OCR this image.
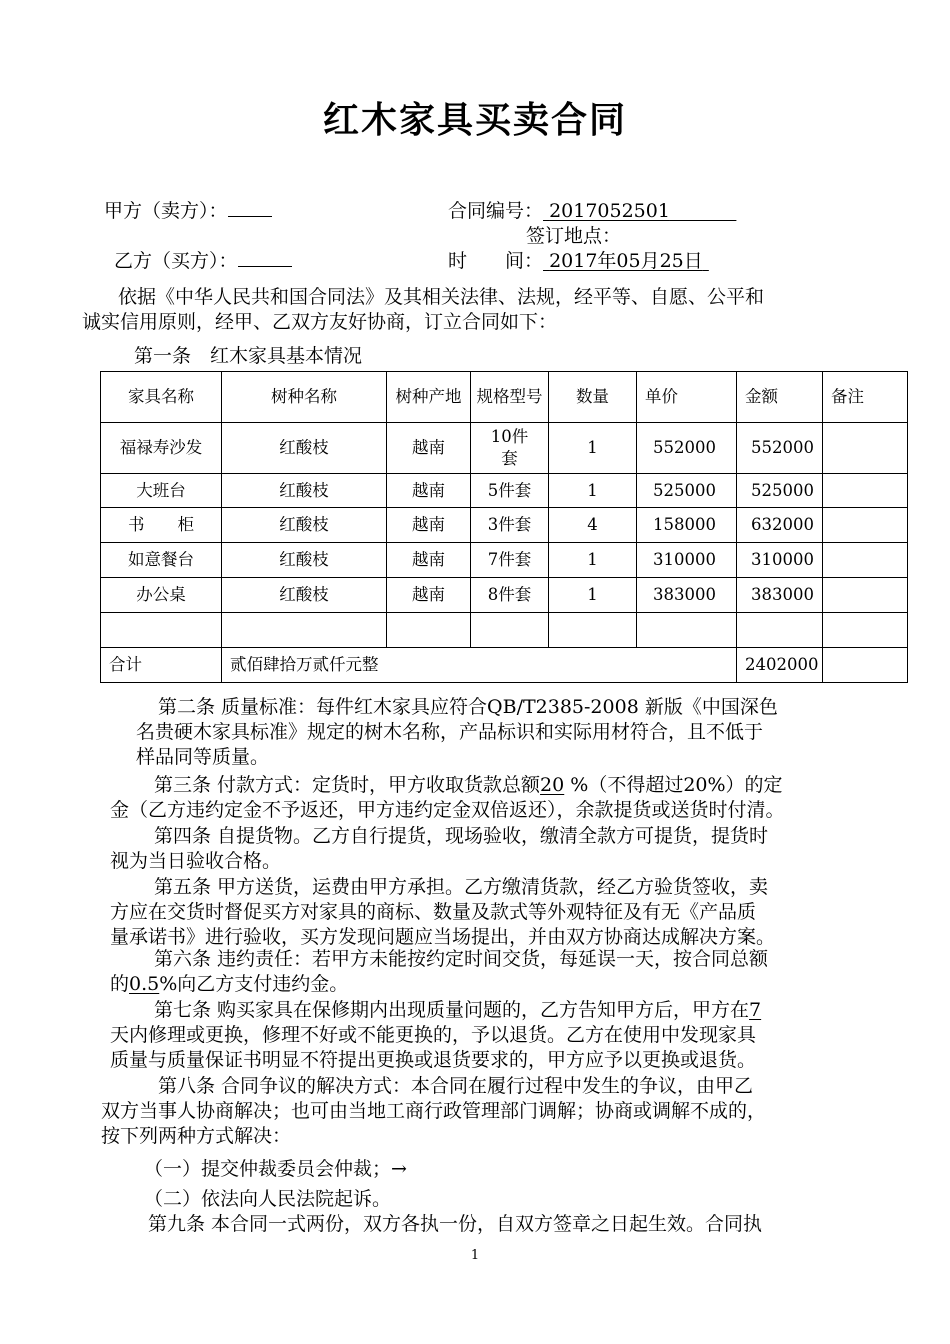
红木家具买卖合同
甲方（卖方）：	合同编号： 2017052501
签订地点：
乙方（买方）：	时　　间： 2017年05月25日
依据《中华人民共和国合同法》及其相关法律、法规，经平等、自愿、公平和
诚实信用原则，经甲、乙双方友好协商，订立合同如下：
第一条　红木家具基本情况
家具名称	树种名称	树种产地	规格型号	数量	单价	金额	备注
福禄寿沙发	红酸枝	越南	10件套	1	552000	552000	
大班台	红酸枝	越南	5件套	1	525000	525000	
书　　柜	红酸枝	越南	3件套	4	158000	632000	
如意餐台	红酸枝	越南	7件套	1	310000	310000	
办公桌	红酸枝	越南	8件套	1	383000	383000	

合计	贰佰肆拾万贰仟元整					2402000	
第二条 质量标准：每件红木家具应符合QB/T2385-2008 新版《中国深色
名贵硬木家具标准》规定的树木名称，产品标识和实际用材符合，且不低于
样品同等质量。
第三条 付款方式：定货时，甲方收取货款总额20 %（不得超过20%）的定
金（乙方违约定金不予返还，甲方违约定金双倍返还），余款提货或送货时付清。
第四条 自提货物。乙方自行提货，现场验收，缴清全款方可提货，提货时
视为当日验收合格。
第五条 甲方送货，运费由甲方承担。乙方缴清货款，经乙方验货签收，卖
方应在交货时督促买方对家具的商标、数量及款式等外观特征及有无《产品质
量承诺书》进行验收，买方发现问题应当场提出，并由双方协商达成解决方案。
第六条 违约责任：若甲方未能按约定时间交货，每延误一天，按合同总额
的0.5%向乙方支付违约金。
第七条 购买家具在保修期内出现质量问题的，乙方告知甲方后，甲方在7
天内修理或更换，修理不好或不能更换的，予以退货。乙方在使用中发现家具
质量与质量保证书明显不符提出更换或退货要求的，甲方应予以更换或退货。
第八条 合同争议的解决方式：本合同在履行过程中发生的争议，由甲乙
双方当事人协商解决；也可由当地工商行政管理部门调解；协商或调解不成的，
按下列两种方式解决：
（一）提交仲裁委员会仲裁；→
（二）依法向人民法院起诉。
第九条 本合同一式两份，双方各执一份，自双方签章之日起生效。合同执
1
